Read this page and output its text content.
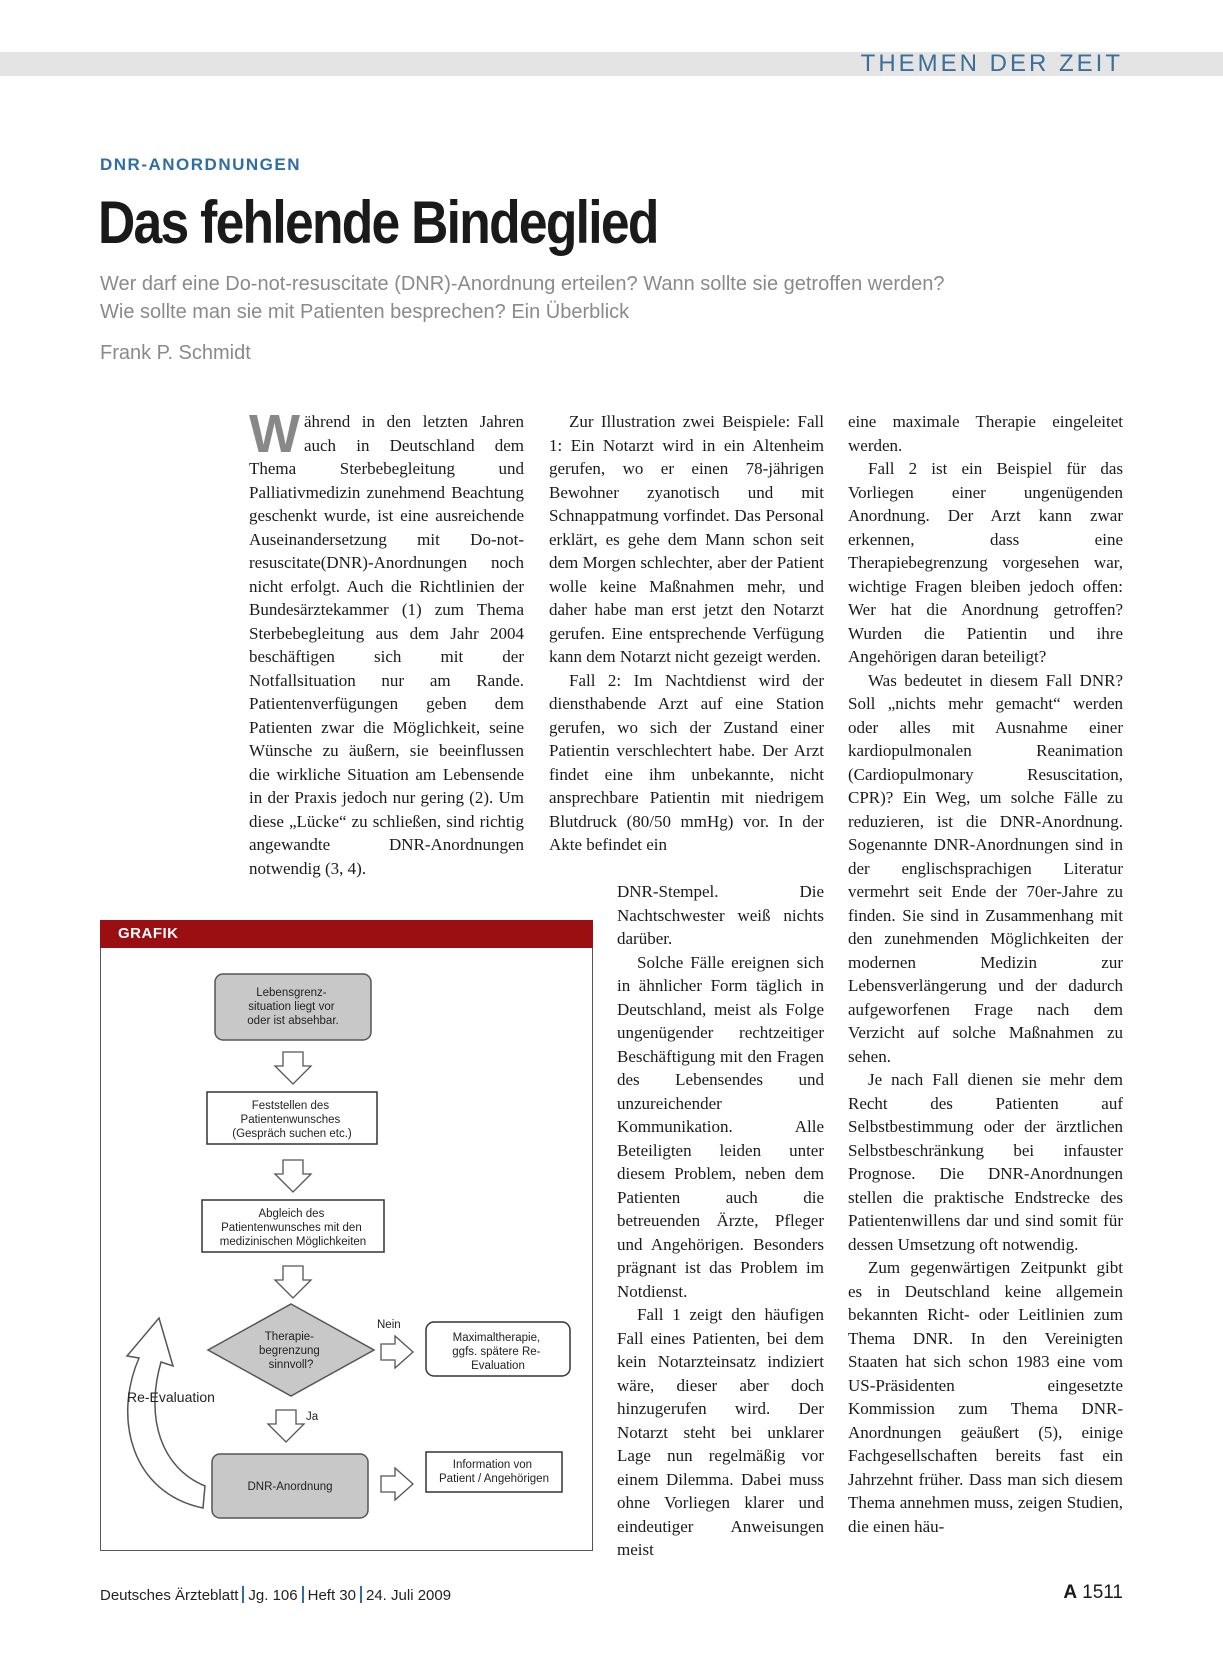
THEMEN DER ZEIT
DNR-ANORDNUNGEN
Das fehlende Bindeglied
Wer darf eine Do-not-resuscitate (DNR)-Anordnung erteilen? Wann sollte sie getroffen werden?
Wie sollte man sie mit Patienten besprechen? Ein Überblick
Frank P. Schmidt

Während in den letzten Jahren auch in Deutschland dem Thema Sterbebegleitung und Palliativmedizin zunehmend Beachtung geschenkt wurde, ist eine ausreichende Auseinandersetzung mit Do-not-resuscitate(DNR)-Anordnungen noch nicht erfolgt. Auch die Richtlinien der Bundesärztekammer (1) zum Thema Sterbebegleitung aus dem Jahr 2004 beschäftigen sich mit der Notfallsituation nur am Rande. Patientenverfügungen geben dem Patienten zwar die Möglichkeit, seine Wünsche zu äußern, sie beeinflussen die wirkliche Situation am Lebensende in der Praxis jedoch nur gering (2). Um diese „Lücke“ zu schließen, sind richtig angewandte DNR-Anordnungen notwendig (3, 4).

Zur Illustration zwei Beispiele: Fall 1: Ein Notarzt wird in ein Altenheim gerufen, wo er einen 78-jährigen Bewohner zyanotisch und mit Schnappatmung vorfindet. Das Personal erklärt, es gehe dem Mann schon seit dem Morgen schlechter, aber der Patient wolle keine Maßnahmen mehr, und daher habe man erst jetzt den Notarzt gerufen. Eine entsprechende Verfügung kann dem Notarzt nicht gezeigt werden.

Fall 2: Im Nachtdienst wird der diensthabende Arzt auf eine Station gerufen, wo sich der Zustand einer Patientin verschlechtert habe. Der Arzt findet eine ihm unbekannte, nicht ansprechbare Patientin mit niedrigem Blutdruck (80/50 mmHg) vor. In der Akte befindet ein

DNR-Stempel. Die Nachtschwester weiß nichts darüber.

Solche Fälle ereignen sich in ähnlicher Form täglich in Deutschland, meist als Folge ungenügender rechtzeitiger Beschäftigung mit den Fragen des Lebensendes und unzureichender Kommunikation. Alle Beteiligten leiden unter diesem Problem, neben dem Patienten auch die betreuenden Ärzte, Pfleger und Angehörigen. Besonders prägnant ist das Problem im Notdienst.

Fall 1 zeigt den häufigen Fall eines Patienten, bei dem kein Notarzteinsatz indiziert wäre, dieser aber doch hinzugerufen wird. Der Notarzt steht bei unklarer Lage nun regelmäßig vor einem Dilemma. Dabei muss ohne Vorliegen klarer und eindeutiger Anweisungen meist

eine maximale Therapie eingeleitet werden.

Fall 2 ist ein Beispiel für das Vorliegen einer ungenügenden Anordnung. Der Arzt kann zwar erkennen, dass eine Therapiebegrenzung vorgesehen war, wichtige Fragen bleiben jedoch offen: Wer hat die Anordnung getroffen? Wurden die Patientin und ihre Angehörigen daran beteiligt?

Was bedeutet in diesem Fall DNR? Soll „nichts mehr gemacht“ werden oder alles mit Ausnahme einer kardiopulmonalen Reanimation (Cardiopulmonary Resuscitation, CPR)? Ein Weg, um solche Fälle zu reduzieren, ist die DNR-Anordnung. Sogenannte DNR-Anordnungen sind in der englischsprachigen Literatur vermehrt seit Ende der 70er-Jahre zu finden. Sie sind in Zusammenhang mit den zunehmenden Möglichkeiten der modernen Medizin zur Lebensverlängerung und der dadurch aufgeworfenen Frage nach dem Verzicht auf solche Maßnahmen zu sehen.

Je nach Fall dienen sie mehr dem Recht des Patienten auf Selbstbestimmung oder der ärztlichen Selbstbeschränkung bei infauster Prognose. Die DNR-Anordnungen stellen die praktische Endstrecke des Patientenwillens dar und sind somit für dessen Umsetzung oft notwendig.

Zum gegenwärtigen Zeitpunkt gibt es in Deutschland keine allgemein bekannten Richt- oder Leitlinien zum Thema DNR. In den Vereinigten Staaten hat sich schon 1983 eine vom US-Präsidenten eingesetzte Kommission zum Thema DNR-Anordnungen geäußert (5), einige Fachgesellschaften bereits fast ein Jahrzehnt früher. Dass man sich diesem Thema annehmen muss, zeigen Studien, die einen häu-

GRAFIK
Lebensgrenz- situation liegt vor oder ist absehbar.
Feststellen des Patientenwunsches (Gespräch suchen etc.)
Abgleich des Patientenwunsches mit den medizinischen Möglichkeiten
Therapie- begrenzung sinnvoll?
Nein
Maximaltherapie, ggfs. spätere Re- Evaluation
Ja
DNR-Anordnung
Information von Patient / Angehörigen
Re-Evaluation
Deutsches Ärzteblatt Jg. 106 Heft 30 24. Juli 2009	A 1511
